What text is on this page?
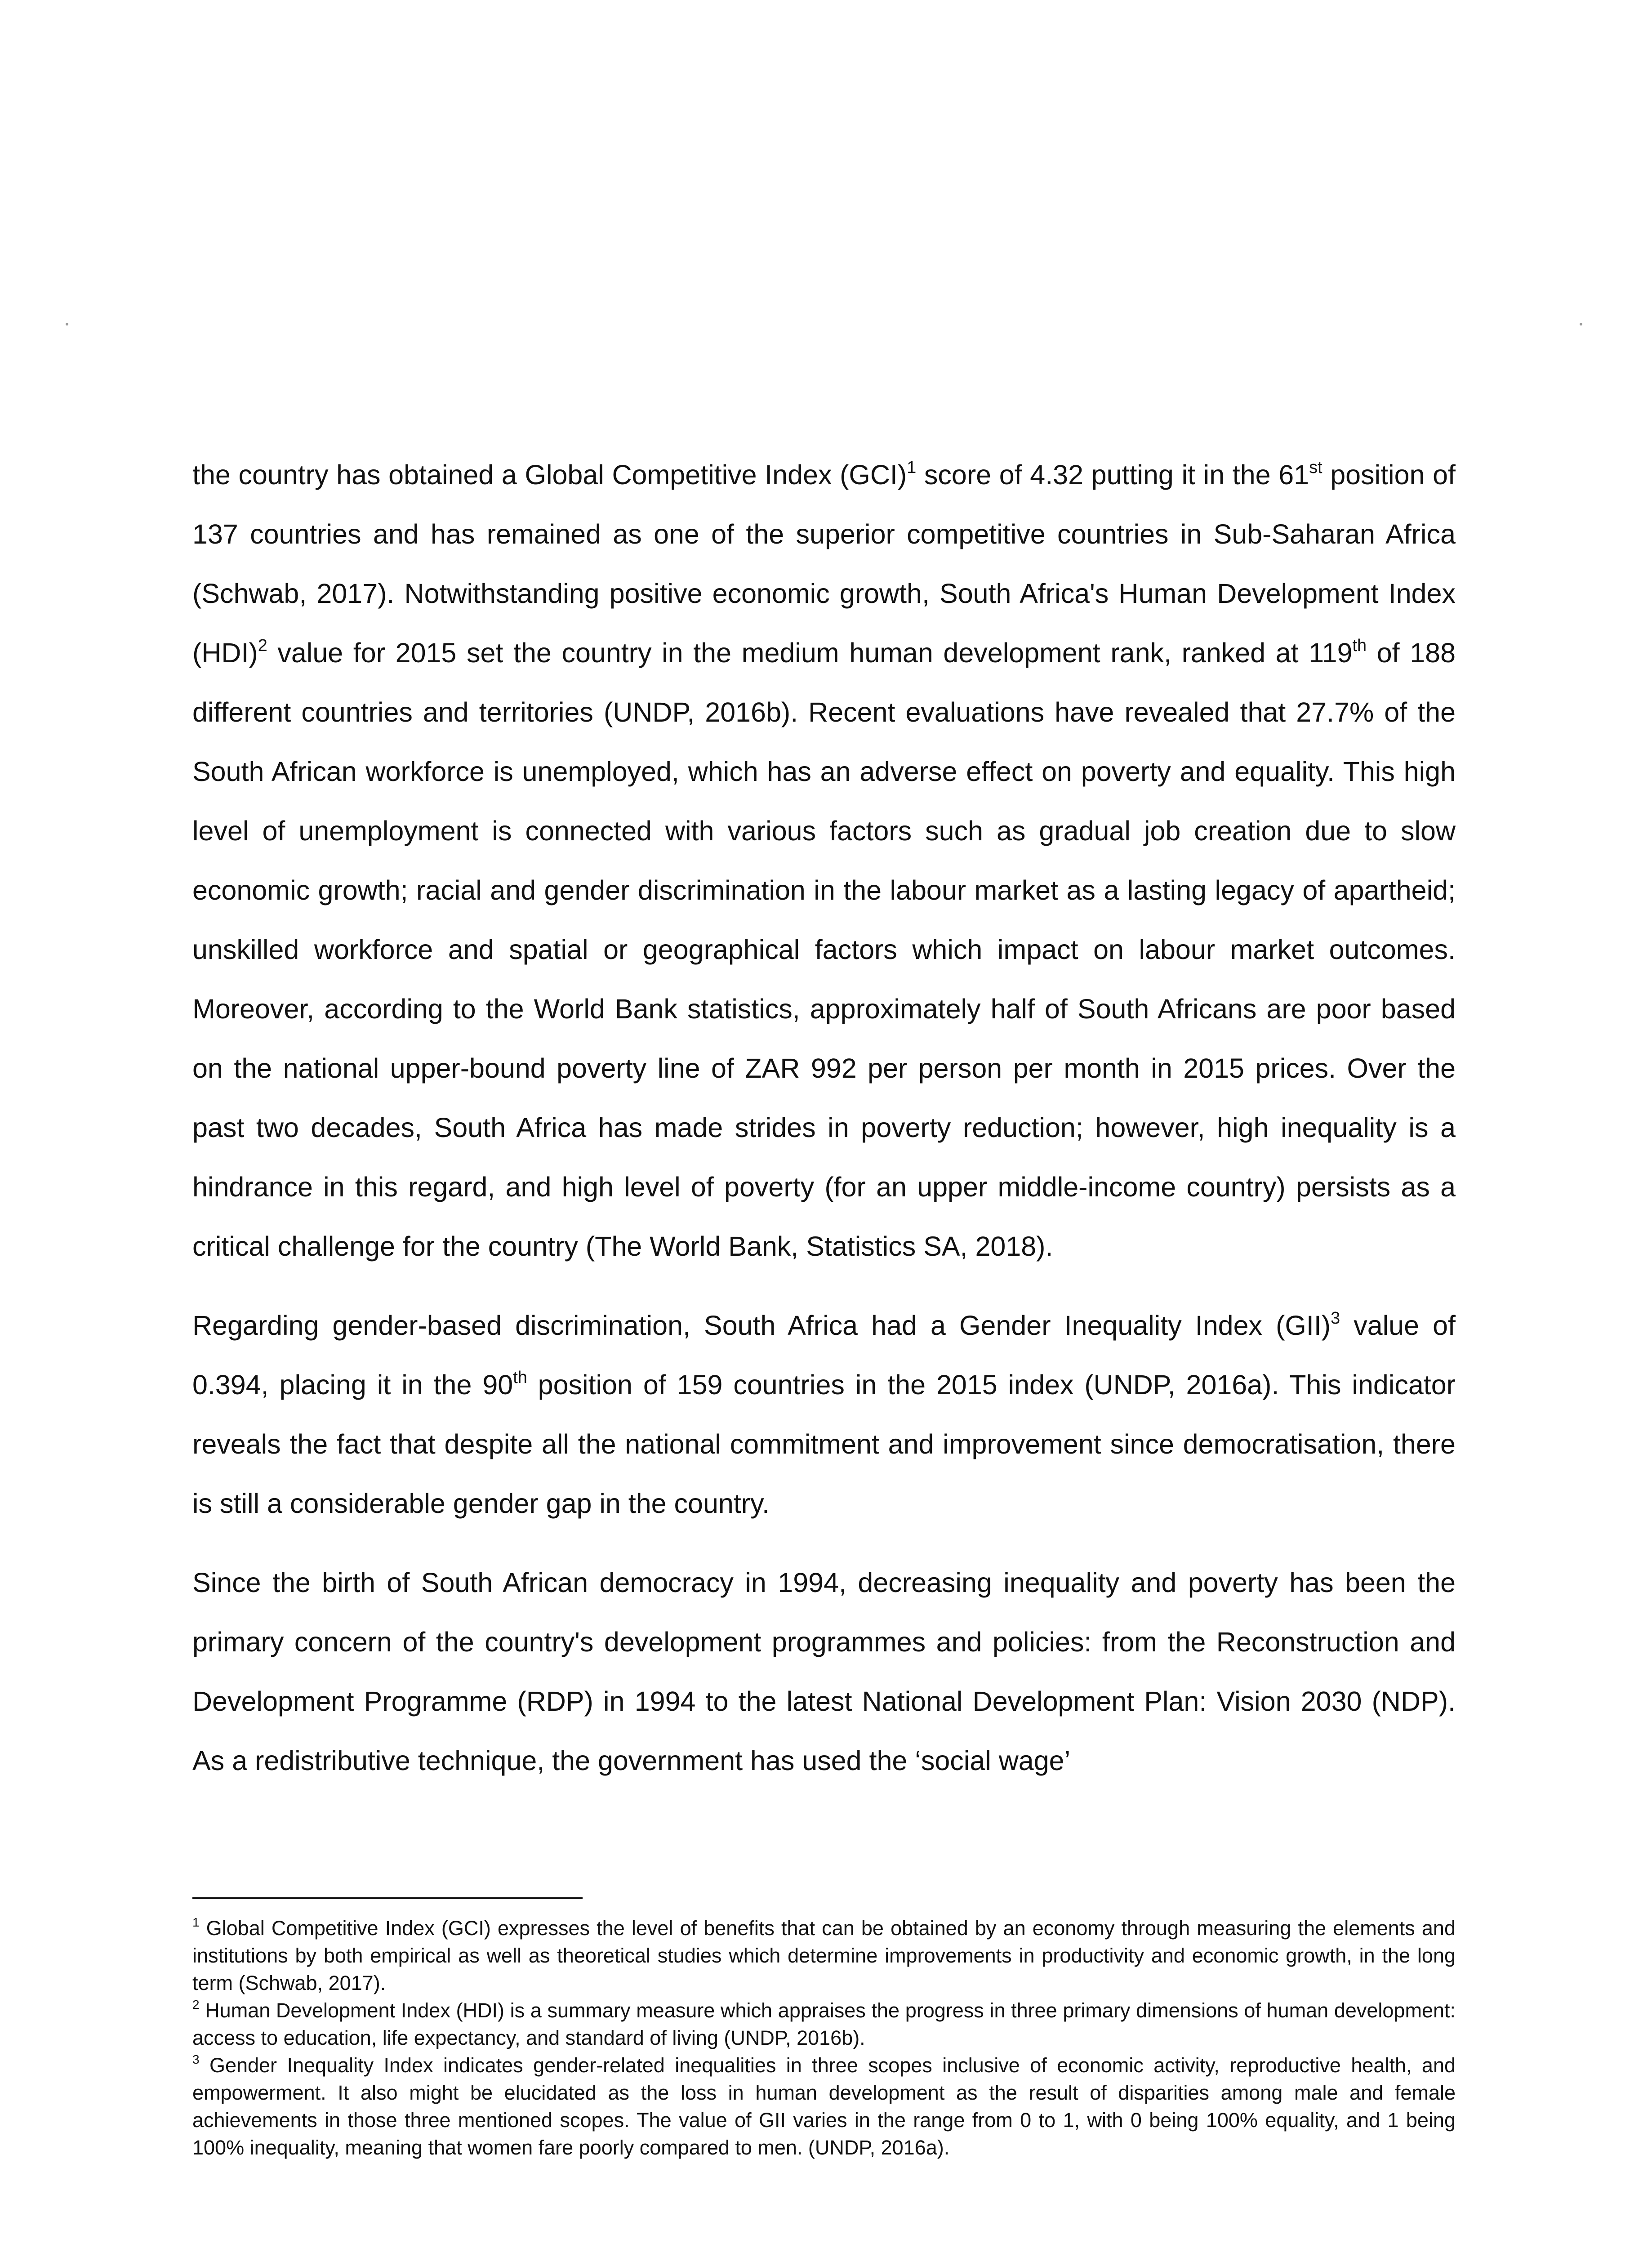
the country has obtained a Global Competitive Index (GCI)$^1$ score of 4.32 putting it in the 61st position of 137 countries and has remained as one of the superior competitive countries in Sub-Saharan Africa (Schwab, 2017). Notwithstanding positive economic growth, South Africa's Human Development Index (HDI)$^2$ value for 2015 set the country in the medium human development rank, ranked at 119th of 188 different countries and territories (UNDP, 2016b). Recent evaluations have revealed that 27.7% of the South African workforce is unemployed, which has an adverse effect on poverty and equality. This high level of unemployment is connected with various factors such as gradual job creation due to slow economic growth; racial and gender discrimination in the labour market as a lasting legacy of apartheid; unskilled workforce and spatial or geographical factors which impact on labour market outcomes. Moreover, according to the World Bank statistics, approximately half of South Africans are poor based on the national upper-bound poverty line of ZAR 992 per person per month in 2015 prices. Over the past two decades, South Africa has made strides in poverty reduction; however, high inequality is a hindrance in this regard, and high level of poverty (for an upper middle-income country) persists as a critical challenge for the country (The World Bank, Statistics SA, 2018).

Regarding gender-based discrimination, South Africa had a Gender Inequality Index (GII)$^3$ value of 0.394, placing it in the 90th position of 159 countries in the 2015 index (UNDP, 2016a). This indicator reveals the fact that despite all the national commitment and improvement since democratisation, there is still a considerable gender gap in the country.

Since the birth of South African democracy in 1994, decreasing inequality and poverty has been the primary concern of the country's development programmes and policies: from the Reconstruction and Development Programme (RDP) in 1994 to the latest National Development Plan: Vision 2030 (NDP). As a redistributive technique, the government has used the ‘social wage’

$^1$ Global Competitive Index (GCI) expresses the level of benefits that can be obtained by an economy through measuring the elements and institutions by both empirical as well as theoretical studies which determine improvements in productivity and economic growth, in the long term (Schwab, 2017).

$^2$ Human Development Index (HDI) is a summary measure which appraises the progress in three primary dimensions of human development: access to education, life expectancy, and standard of living (UNDP, 2016b).

$^3$ Gender Inequality Index indicates gender-related inequalities in three scopes inclusive of economic activity, reproductive health, and empowerment. It also might be elucidated as the loss in human development as the result of disparities among male and female achievements in those three mentioned scopes. The value of GII varies in the range from 0 to 1, with 0 being 100% equality, and 1 being 100% inequality, meaning that women fare poorly compared to men. (UNDP, 2016a).
